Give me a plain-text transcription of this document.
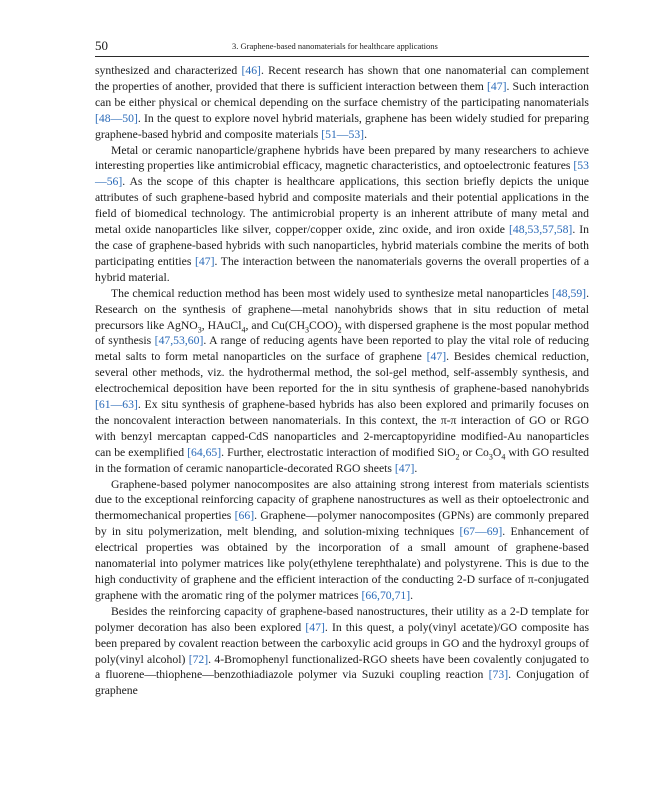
50	3. Graphene-based nanomaterials for healthcare applications

synthesized and characterized [46]. Recent research has shown that one nanomaterial can complement the properties of another, provided that there is sufficient interaction between them [47]. Such interaction can be either physical or chemical depending on the surface chemistry of the participating nanomaterials [48—50]. In the quest to explore novel hybrid materials, graphene has been widely studied for preparing graphene-based hybrid and composite materials [51—53].

Metal or ceramic nanoparticle/graphene hybrids have been prepared by many researchers to achieve interesting properties like antimicrobial efficacy, magnetic characteristics, and optoelectronic features [53—56]. As the scope of this chapter is healthcare applications, this section briefly depicts the unique attributes of such graphene-based hybrid and composite materials and their potential applications in the field of biomedical technology. The antimicrobial property is an inherent attribute of many metal and metal oxide nanoparticles like silver, copper/copper oxide, zinc oxide, and iron oxide [48,53,57,58]. In the case of graphene-based hybrids with such nanoparticles, hybrid materials combine the merits of both participating entities [47]. The interaction between the nanomaterials governs the overall properties of a hybrid material.

The chemical reduction method has been most widely used to synthesize metal nanoparticles [48,59]. Research on the synthesis of graphene—metal nanohybrids shows that in situ reduction of metal precursors like AgNO$_3$, HAuCl$_4$, and $Cu(CH_3COO)_2$ with dispersed graphene is the most popular method of synthesis [47,53,60]. A range of reducing agents have been reported to play the vital role of reducing metal salts to form metal nanoparticles on the surface of graphene [47]. Besides chemical reduction, several other methods, viz. the hydrothermal method, the sol-gel method, self-assembly synthesis, and electrochemical deposition have been reported for the in situ synthesis of graphene-based nanohybrids [61—63]. Ex situ synthesis of graphene-based hybrids has also been explored and primarily focuses on the noncovalent interaction between nanomaterials. In this context, the π-π interaction of GO or RGO with benzyl mercaptan capped-CdS nanoparticles and 2-mercaptopyridine modified-Au nanoparticles can be exemplified [64,65]. Further, electrostatic interaction of modified SiO$_2$ or $Co_3O_4$ with GO resulted in the formation of ceramic nanoparticle-decorated RGO sheets [47].

Graphene-based polymer nanocomposites are also attaining strong interest from materials scientists due to the exceptional reinforcing capacity of graphene nanostructures as well as their optoelectronic and thermomechanical properties [66]. Graphene—polymer nanocomposites (GPNs) are commonly prepared by in situ polymerization, melt blending, and solution-mixing techniques [67—69]. Enhancement of electrical properties was obtained by the incorporation of a small amount of graphene-based nanomaterial into polymer matrices like poly(ethylene terephthalate) and polystyrene. This is due to the high conductivity of graphene and the efficient interaction of the conducting 2-D surface of π-conjugated graphene with the aromatic ring of the polymer matrices [66,70,71].

Besides the reinforcing capacity of graphene-based nanostructures, their utility as a 2-D template for polymer decoration has also been explored [47]. In this quest, a poly(vinyl acetate)/GO composite has been prepared by covalent reaction between the carboxylic acid groups in GO and the hydroxyl groups of poly(vinyl alcohol) [72]. 4-Bromophenyl functionalized-RGO sheets have been covalently conjugated to a fluorene—thiophene—benzothiadiazole polymer via Suzuki coupling reaction [73]. Conjugation of graphene
